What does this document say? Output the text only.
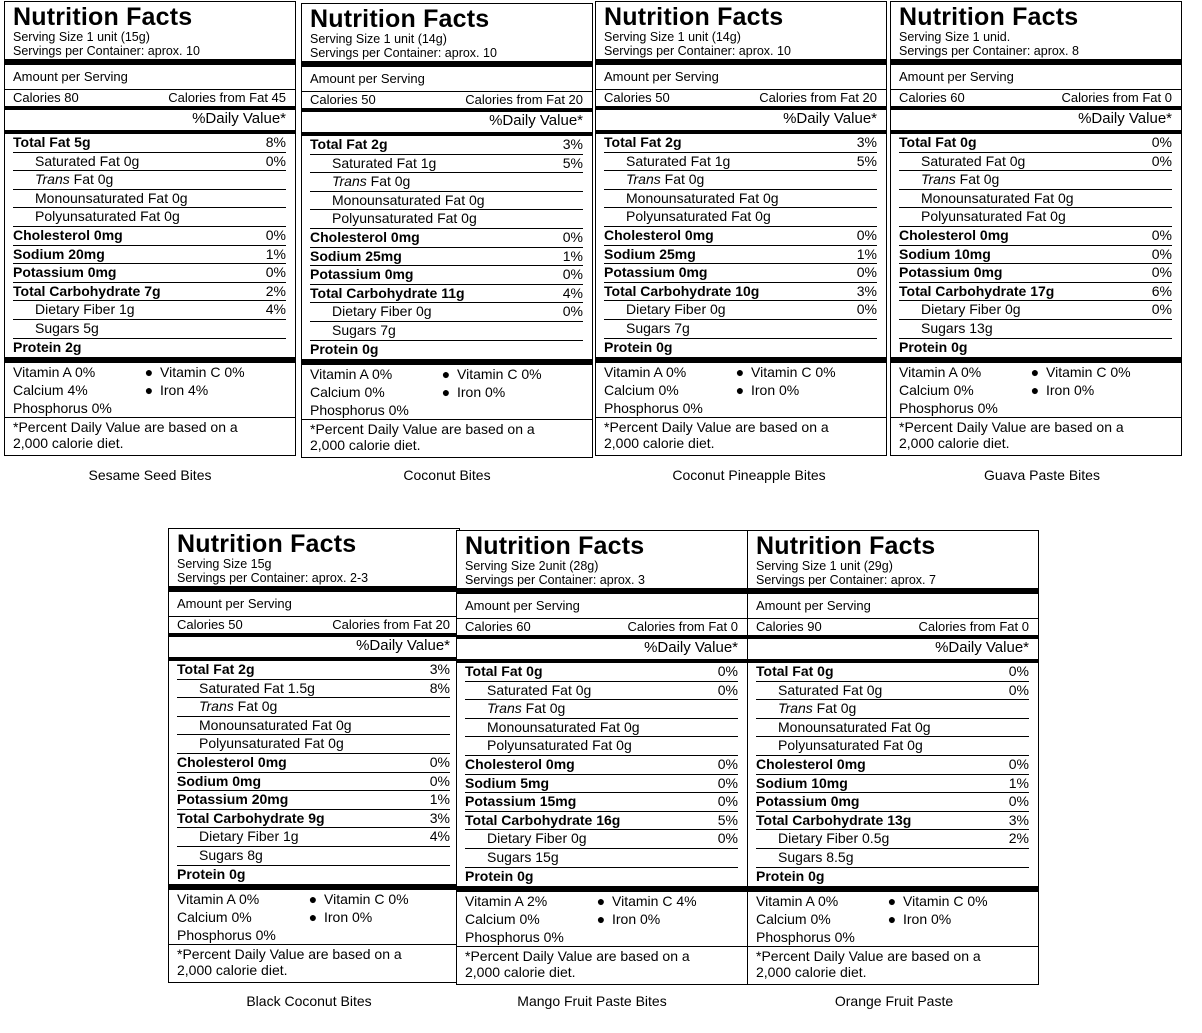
Nutrition Facts
Serving Size 1 unit (15g)
Servings per Container: aprox. 10
Amount per Serving
Calories 80	Calories from Fat 45
%Daily Value*
Total Fat 5g	8%
Saturated Fat 0g	0%
Trans Fat 0g
Monounsaturated Fat 0g
Polyunsaturated Fat 0g
Cholesterol 0mg	0%
Sodium 20mg	1%
Potassium 0mg	0%
Total Carbohydrate 7g	2%
Dietary Fiber 1g	4%
Sugars 5g
Protein 2g
Vitamin A 0%	● Vitamin C 0%
Calcium 4%	● Iron 4%
Phosphorus 0%
*Percent Daily Value are based on a
2,000 calorie diet.
Sesame Seed Bites
Nutrition Facts
Serving Size 1 unit (14g)
Servings per Container: aprox. 10
Amount per Serving
Calories 50	Calories from Fat 20
%Daily Value*
Total Fat 2g	3%
Saturated Fat 1g	5%
Trans Fat 0g
Monounsaturated Fat 0g
Polyunsaturated Fat 0g
Cholesterol 0mg	0%
Sodium 25mg	1%
Potassium 0mg	0%
Total Carbohydrate 11g	4%
Dietary Fiber 0g	0%
Sugars 7g
Protein 0g
Vitamin A 0%	● Vitamin C 0%
Calcium 0%	● Iron 0%
Phosphorus 0%
*Percent Daily Value are based on a
2,000 calorie diet.
Coconut Bites
Nutrition Facts
Serving Size 1 unit (14g)
Servings per Container: aprox. 10
Amount per Serving
Calories 50	Calories from Fat 20
%Daily Value*
Total Fat 2g	3%
Saturated Fat 1g	5%
Trans Fat 0g
Monounsaturated Fat 0g
Polyunsaturated Fat 0g
Cholesterol 0mg	0%
Sodium 25mg	1%
Potassium 0mg	0%
Total Carbohydrate 10g	3%
Dietary Fiber 0g	0%
Sugars 7g
Protein 0g
Vitamin A 0%	● Vitamin C 0%
Calcium 0%	● Iron 0%
Phosphorus 0%
*Percent Daily Value are based on a
2,000 calorie diet.
Coconut Pineapple Bites
Nutrition Facts
Serving Size 1 unid.
Servings per Container: aprox. 8
Amount per Serving
Calories 60	Calories from Fat 0
%Daily Value*
Total Fat 0g	0%
Saturated Fat 0g	0%
Trans Fat 0g
Monounsaturated Fat 0g
Polyunsaturated Fat 0g
Cholesterol 0mg	0%
Sodium 10mg	0%
Potassium 0mg	0%
Total Carbohydrate 17g	6%
Dietary Fiber 0g	0%
Sugars 13g
Protein 0g
Vitamin A 0%	● Vitamin C 0%
Calcium 0%	● Iron 0%
Phosphorus 0%
*Percent Daily Value are based on a
2,000 calorie diet.
Guava Paste Bites
Nutrition Facts
Serving Size 15g
Servings per Container: aprox. 2-3
Amount per Serving
Calories 50	Calories from Fat 20
%Daily Value*
Total Fat 2g	3%
Saturated Fat 1.5g	8%
Trans Fat 0g
Monounsaturated Fat 0g
Polyunsaturated Fat 0g
Cholesterol 0mg	0%
Sodium 0mg	0%
Potassium 20mg	1%
Total Carbohydrate 9g	3%
Dietary Fiber 1g	4%
Sugars 8g
Protein 0g
Vitamin A 0%	● Vitamin C 0%
Calcium 0%	● Iron 0%
Phosphorus 0%
*Percent Daily Value are based on a
2,000 calorie diet.
Black Coconut Bites
Nutrition Facts
Serving Size 2unit (28g)
Servings per Container: aprox. 3
Amount per Serving
Calories 60	Calories from Fat 0
%Daily Value*
Total Fat 0g	0%
Saturated Fat 0g	0%
Trans Fat 0g
Monounsaturated Fat 0g
Polyunsaturated Fat 0g
Cholesterol 0mg	0%
Sodium 5mg	0%
Potassium 15mg	0%
Total Carbohydrate 16g	5%
Dietary Fiber 0g	0%
Sugars 15g
Protein 0g
Vitamin A 2%	● Vitamin C 4%
Calcium 0%	● Iron 0%
Phosphorus 0%
*Percent Daily Value are based on a
2,000 calorie diet.
Mango Fruit Paste Bites
Nutrition Facts
Serving Size 1 unit (29g)
Servings per Container: aprox. 7
Amount per Serving
Calories 90	Calories from Fat 0
%Daily Value*
Total Fat 0g	0%
Saturated Fat 0g	0%
Trans Fat 0g
Monounsaturated Fat 0g
Polyunsaturated Fat 0g
Cholesterol 0mg	0%
Sodium 10mg	1%
Potassium 0mg	0%
Total Carbohydrate 13g	3%
Dietary Fiber 0.5g	2%
Sugars 8.5g
Protein 0g
Vitamin A 0%	● Vitamin C 0%
Calcium 0%	● Iron 0%
Phosphorus 0%
*Percent Daily Value are based on a
2,000 calorie diet.
Orange Fruit Paste
